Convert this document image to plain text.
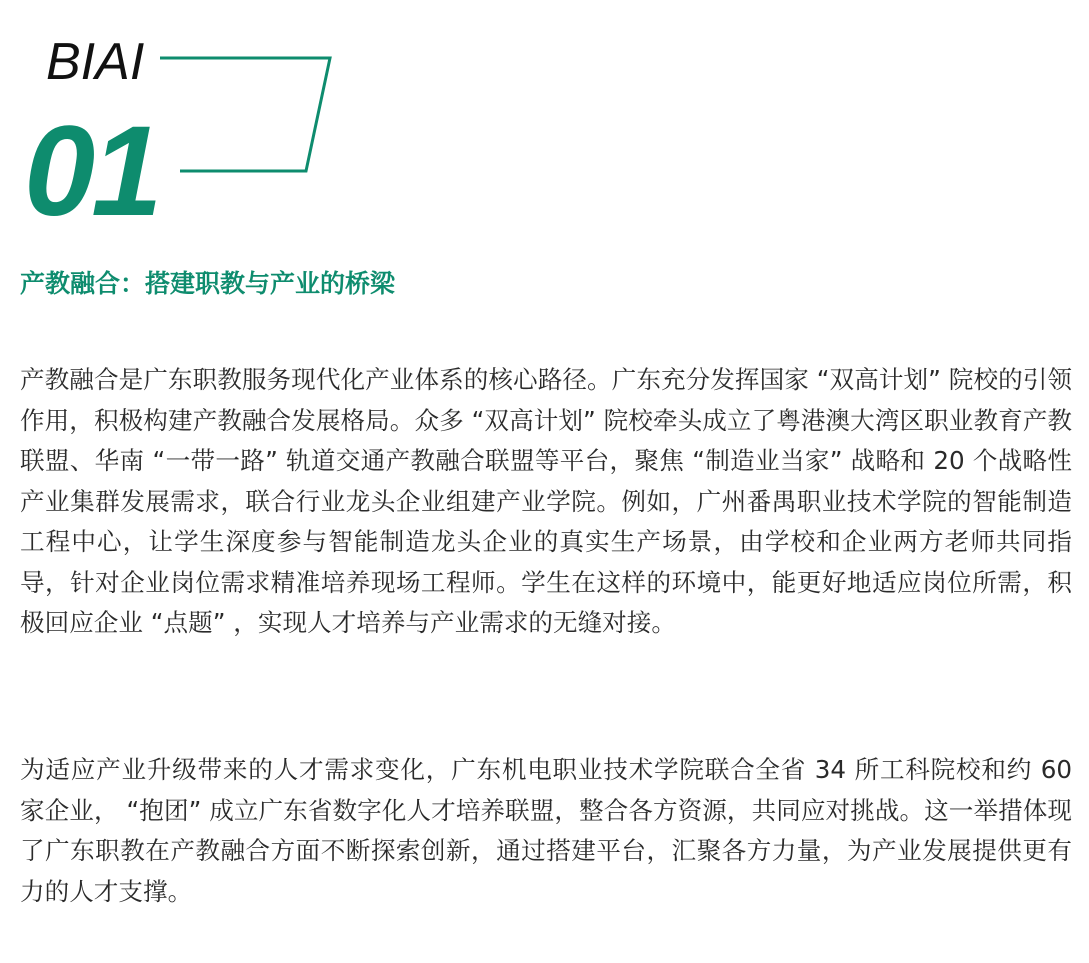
BIAI
01
产教融合：搭建职教与产业的桥梁

产教融合是广东职教服务现代化产业体系的核心路径。广东充分发挥国家 “双高计划” 院校的引领作用，积极构建产教融合发展格局。众多 “双高计划” 院校牵头成立了粤港澳大湾区职业教育产教联盟、华南 “一带一路” 轨道交通产教融合联盟等平台，聚焦 “制造业当家” 战略和 20 个战略性产业集群发展需求，联合行业龙头企业组建产业学院。例如，广州番禺职业技术学院的智能制造工程中心，让学生深度参与智能制造龙头企业的真实生产场景，由学校和企业两方老师共同指导，针对企业岗位需求精准培养现场工程师。学生在这样的环境中，能更好地适应岗位所需，积极回应企业 “点题” ，实现人才培养与产业需求的无缝对接。

为适应产业升级带来的人才需求变化，广东机电职业技术学院联合全省 34 所工科院校和约 60 家企业， “抱团” 成立广东省数字化人才培养联盟，整合各方资源，共同应对挑战。这一举措体现了广东职教在产教融合方面不断探索创新，通过搭建平台，汇聚各方力量，为产业发展提供更有力的人才支撑。
